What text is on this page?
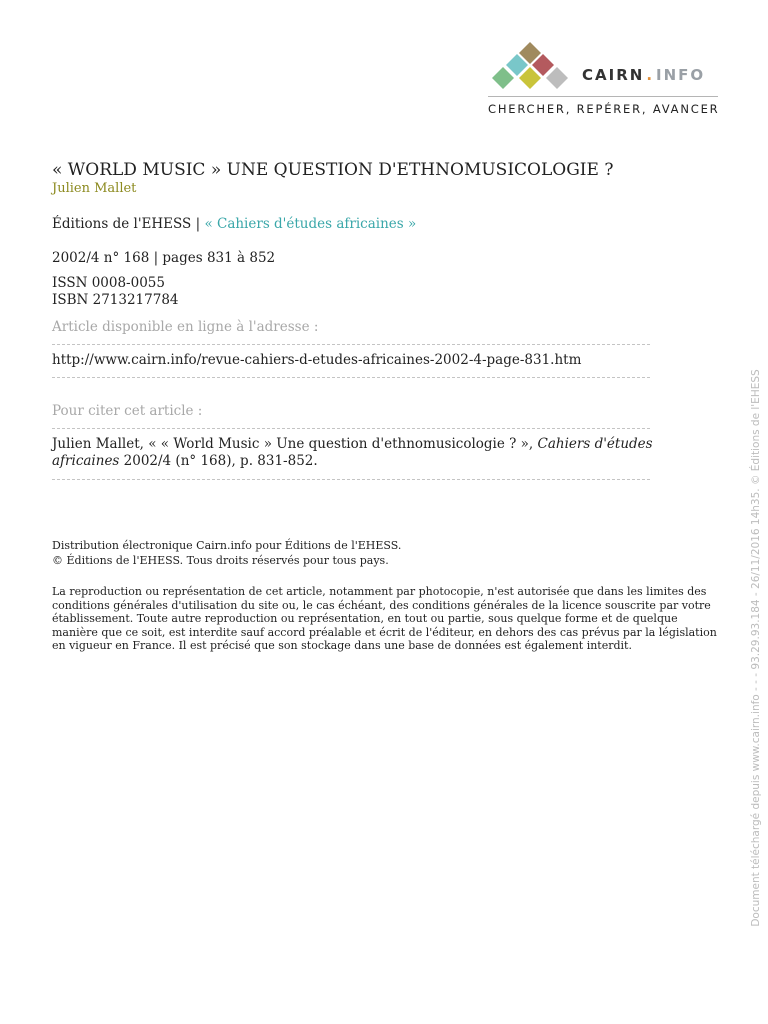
CAIRN . INFO
CHERCHER, REPÉRER, AVANCER
« WORLD MUSIC » UNE QUESTION D'ETHNOMUSICOLOGIE ?
Julien Mallet
Éditions de l'EHESS | « Cahiers d'études africaines »
2002/4 n° 168 | pages 831 à 852
ISSN 0008-0055
ISBN 2713217784
Article disponible en ligne à l'adresse :
http://www.cairn.info/revue-cahiers-d-etudes-africaines-2002-4-page-831.htm
Pour citer cet article :
Julien Mallet, « « World Music » Une question d'ethnomusicologie ? », Cahiers d'études africaines 2002/4 (n° 168), p. 831-852.
Distribution électronique Cairn.info pour Éditions de l'EHESS.
© Éditions de l'EHESS. Tous droits réservés pour tous pays.
La reproduction ou représentation de cet article, notamment par photocopie, n'est autorisée que dans les limites des conditions générales d'utilisation du site ou, le cas échéant, des conditions générales de la licence souscrite par votre établissement. Toute autre reproduction ou représentation, en tout ou partie, sous quelque forme et de quelque manière que ce soit, est interdite sauf accord préalable et écrit de l'éditeur, en dehors des cas prévus par la législation en vigueur en France. Il est précisé que son stockage dans une base de données est également interdit.	Document téléchargé depuis www.cairn.info - - - 93.29.93.184 - 26/11/2016 14h35. © Éditions de l'EHESS
